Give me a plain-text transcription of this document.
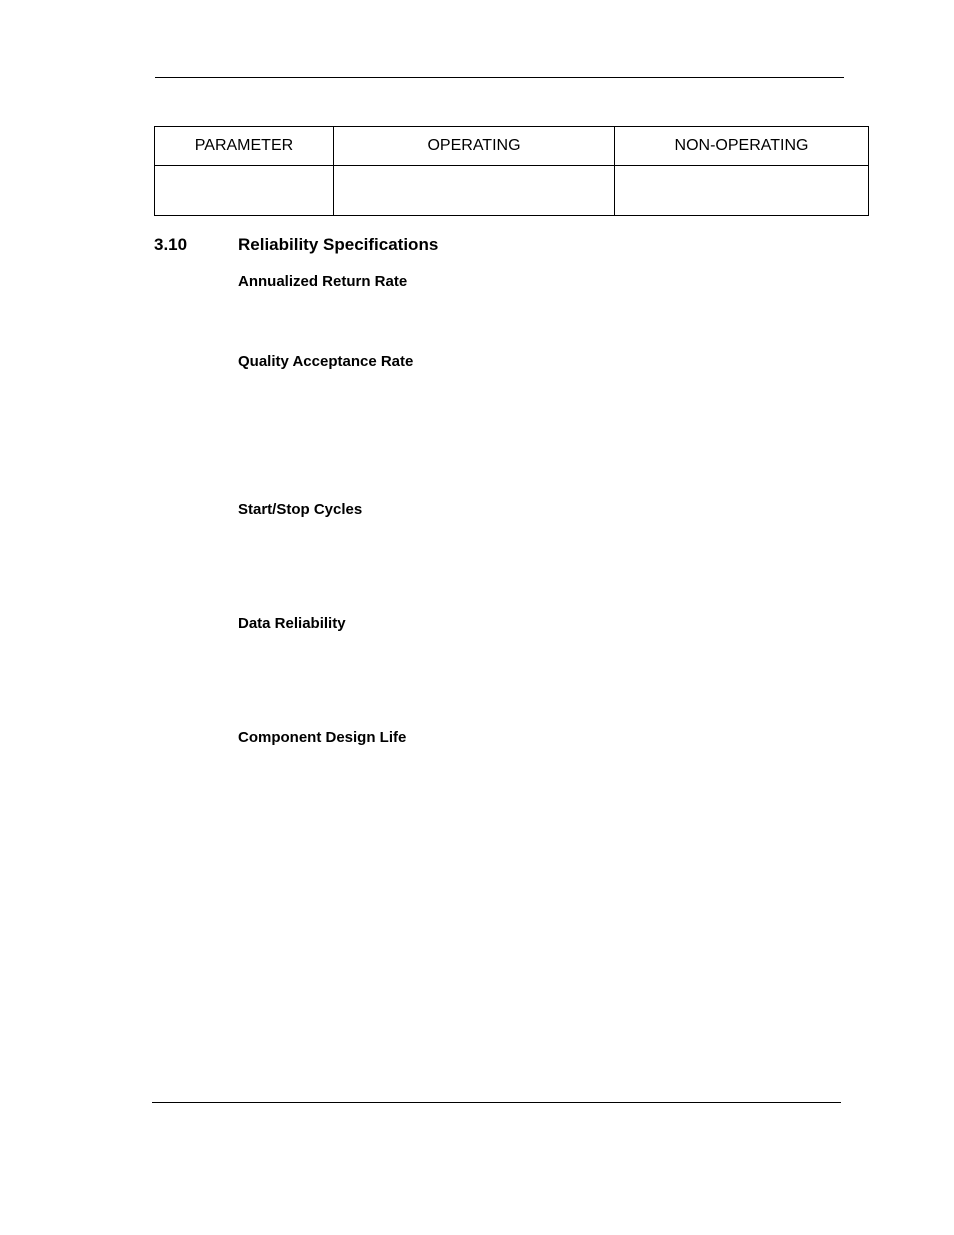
PARAMETER	OPERATING	NON-OPERATING

3.10	Reliability Specifications
Annualized Return Rate
Quality Acceptance Rate
Start/Stop Cycles
Data Reliability
Component Design Life
